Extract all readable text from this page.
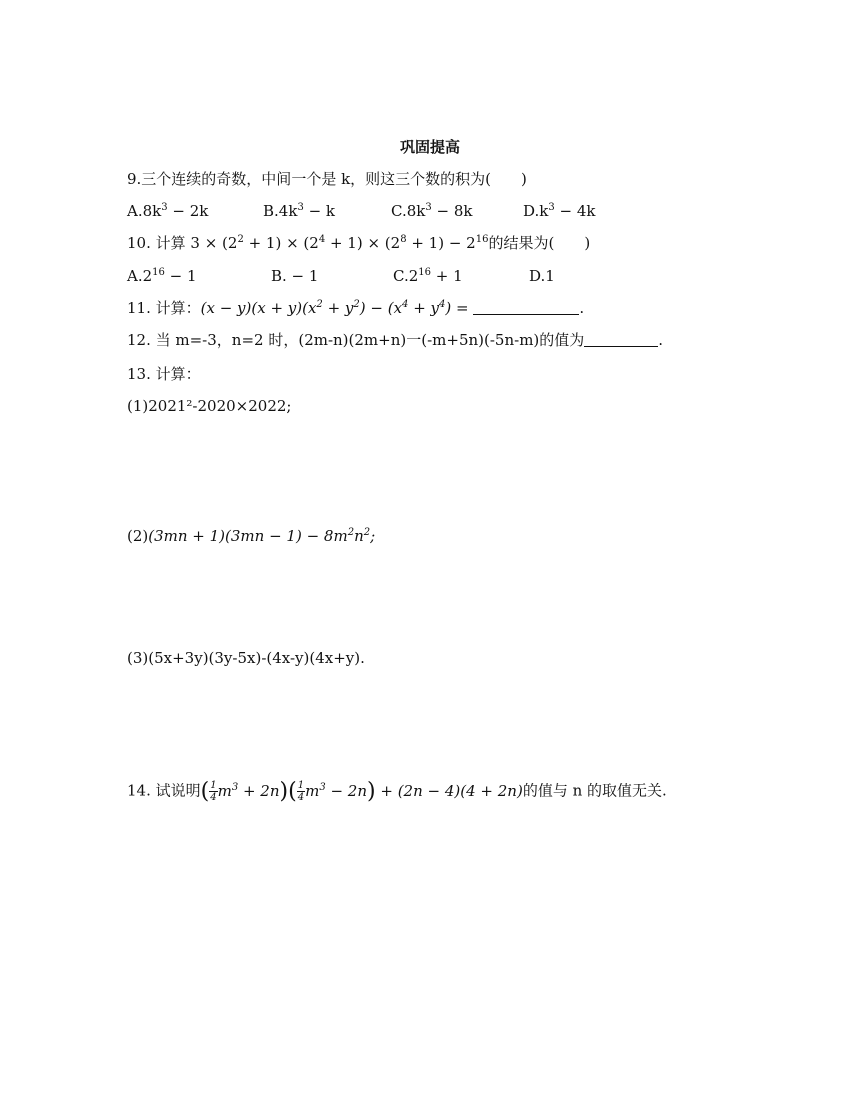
巩固提高
9.三个连续的奇数，中间一个是 k，则这三个数的积为(　　)
$A.8k^3 - 2k$	$B.4k^3 - k$	$C.8k^3 - 8k$	$D.k^3 - 4k$
10. 计算 $3 \times (2^2 + 1) \times (2^4 + 1) \times (2^8 + 1) - 2^{16}$的结果为(　　)
$A.2^{16} - 1$	B. − 1	$C.2^{16} + 1$	D.1
11. 计算：$(x - y)(x + y)(x^2 + y^2) - (x^4 + y^4)$ =	.
12. 当 m=-3，n=2 时，(2m-n)(2m+n)一(-m+5n)(-5n-m)的值为	.
13. 计算：
(1)2021²-2020×2022;
$(2)(3mn + 1)(3mn - 1) - 8m^2n^2$;
(3)(5x+3y)(3y-5x)-(4x-y)(4x+y).
14. 试说明( $\frac{1}{4} m^3 + 2n)( \frac{1}{4} m^3 - 2n) + (2n - 4)(4 + 2n)$的值与 n 的取值无关.
